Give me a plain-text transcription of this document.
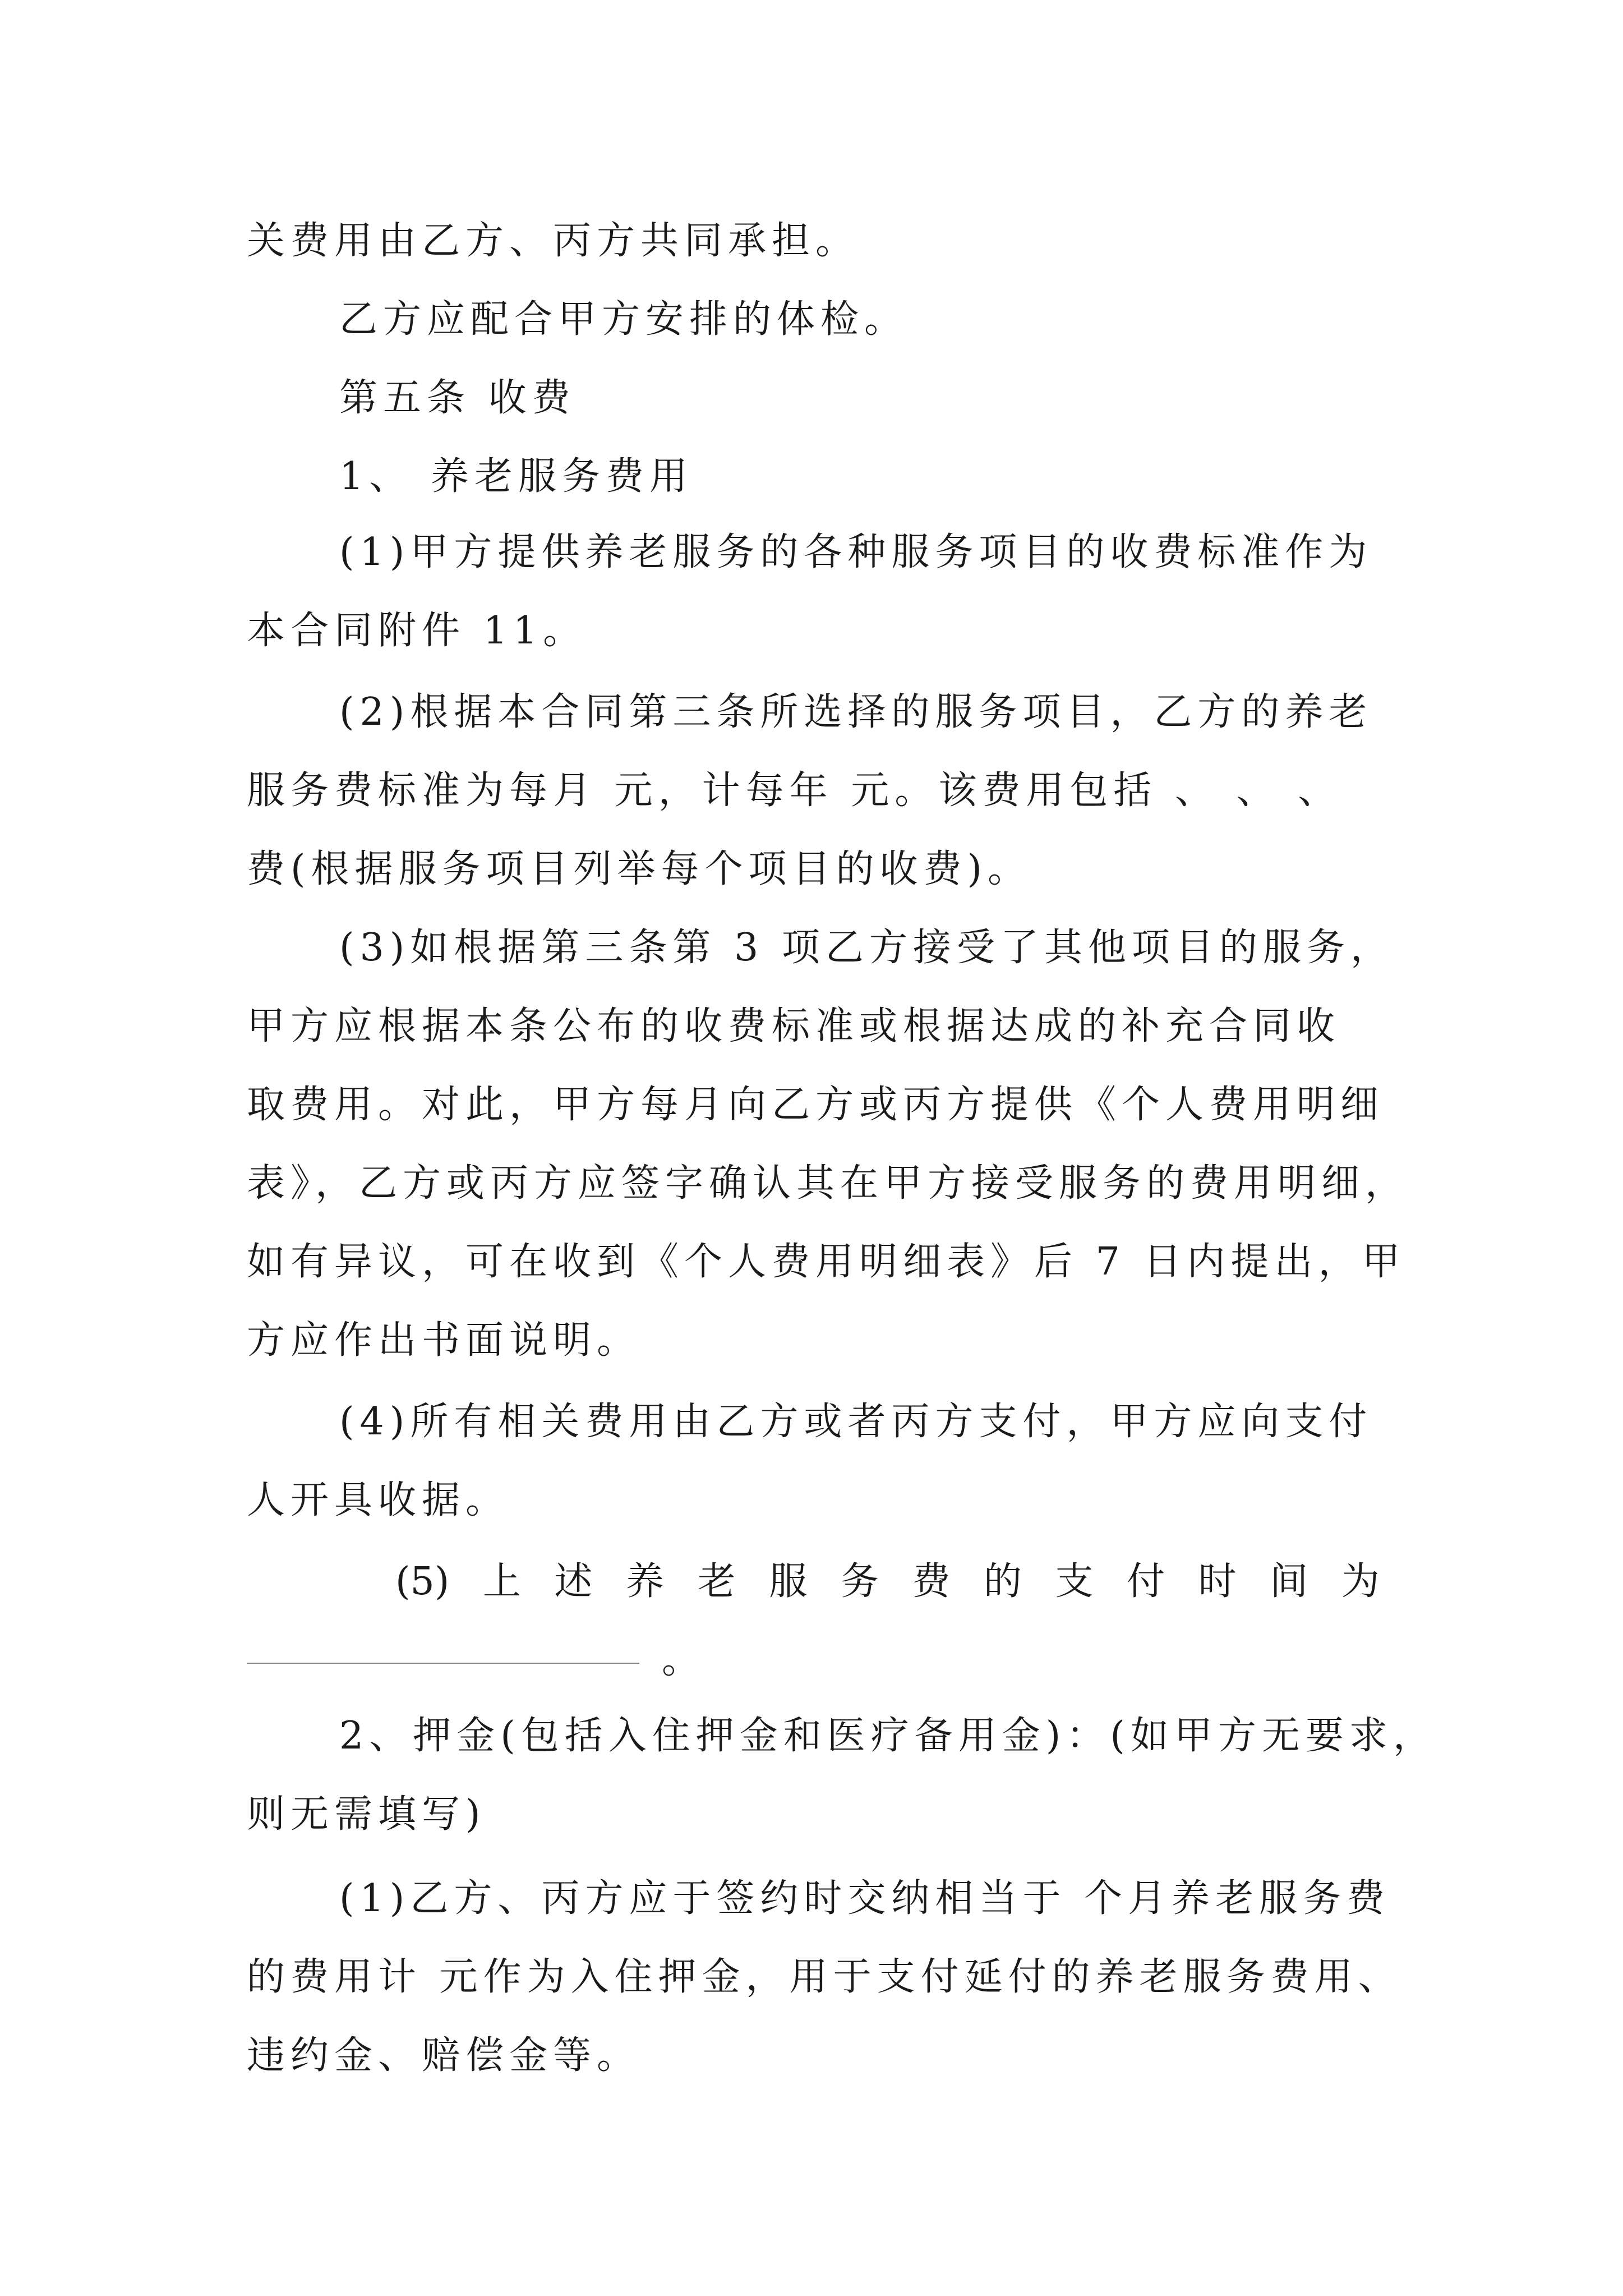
关费用由乙方、丙方共同承担。
乙方应配合甲方安排的体检。
第五条 收费
1、 养老服务费用
(1)甲方提供养老服务的各种服务项目的收费标准作为
本合同附件 11。
(2)根据本合同第三条所选择的服务项目，乙方的养老
服务费标准为每月 元，计每年 元。该费用包括 、 、 、
费(根据服务项目列举每个项目的收费)。
(3)如根据第三条第 3 项乙方接受了其他项目的服务，
甲方应根据本条公布的收费标准或根据达成的补充合同收
取费用。对此，甲方每月向乙方或丙方提供《个人费用明细
表》，乙方或丙方应签字确认其在甲方接受服务的费用明细，
如有异议，可在收到《个人费用明细表》后 7 日内提出，甲
方应作出书面说明。
(4)所有相关费用由乙方或者丙方支付，甲方应向支付
人开具收据。
(5) 上 述 养 老 服 务 费 的 支 付 时 间 为
。
2、押金(包括入住押金和医疗备用金)：(如甲方无要求，
则无需填写)
(1)乙方、丙方应于签约时交纳相当于 个月养老服务费
的费用计 元作为入住押金，用于支付延付的养老服务费用、
违约金、赔偿金等。
